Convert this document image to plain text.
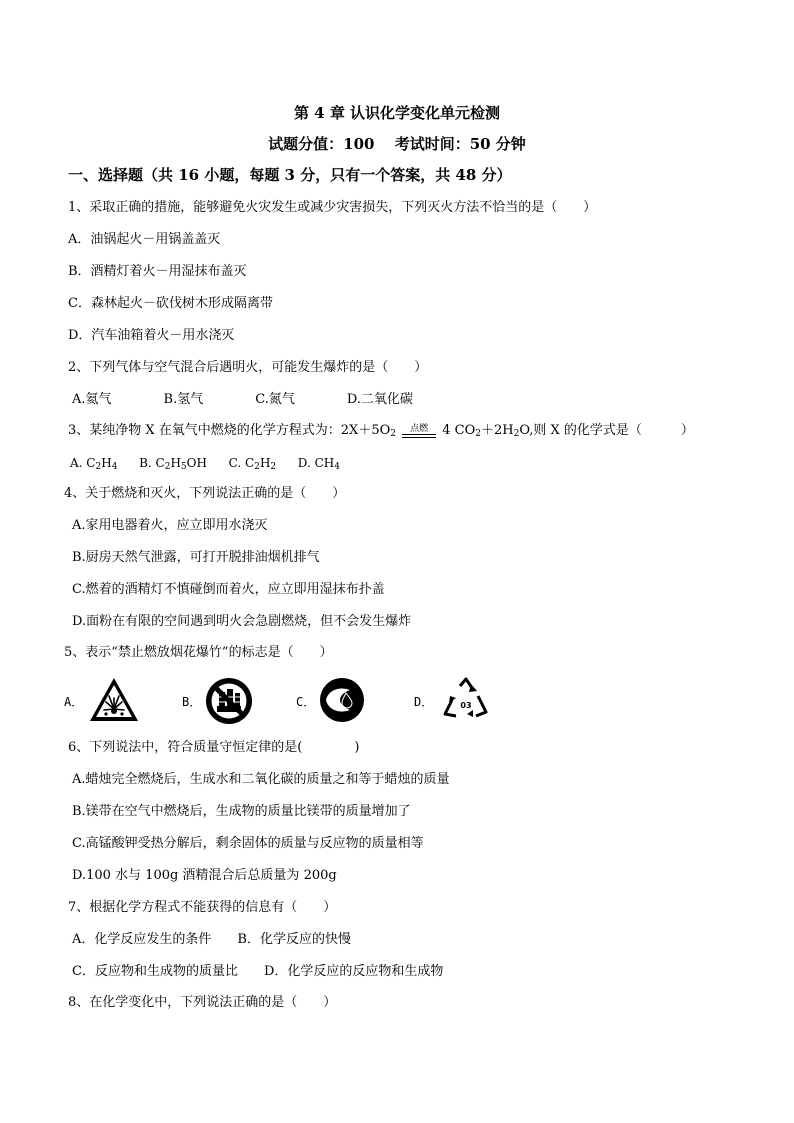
第 4 章 认识化学变化单元检测
试题分值：100　 考试时间：50 分钟
一、选择题（共 16 小题，每题 3 分，只有一个答案，共 48 分）
1、采取正确的措施，能够避免火灾发生或减少灾害损失，下列灭火方法不恰当的是（　　）
A．油锅起火－用锅盖盖灭
B．酒精灯着火－用湿抹布盖灭
C．森林起火－砍伐树木形成隔离带
D．汽车油箱着火－用水浇灭
2、下列气体与空气混合后遇明火，可能发生爆炸的是（　　）
A.氦气　　　　B.氢气　　　　C.氮气　　　　D.二氧化碳
3、某纯净物 X 在氧气中燃烧的化学方程式为：$2X+5O_2$
点燃	4 $CO_2+2H_2O$,则 X 的化学式是（　　　）
A. $C_2H_4$ B. $C_2H_5OH$ C. $C_2H_2$ D. $CH_4$
4、关于燃烧和灭火，下列说法正确的是（　　）
A.家用电器着火，应立即用水浇灭
B.厨房天然气泄露，可打开脱排油烟机排气
C.燃着的酒精灯不慎碰倒而着火，应立即用湿抹布扑盖
D.面粉在有限的空间遇到明火会急剧燃烧，但不会发生爆炸
5、表示“禁止燃放烟花爆竹”的标志是（　　）
A．	B．	C．	D．	03
6、下列说法中，符合质量守恒定律的是(　　　　)
A.蜡烛完全燃烧后，生成水和二氧化碳的质量之和等于蜡烛的质量
B.镁带在空气中燃烧后，生成物的质量比镁带的质量增加了
C.高锰酸钾受热分解后，剩余固体的质量与反应物的质量相等
D.100 水与 100g 酒精混合后总质量为 200g
7、根据化学方程式不能获得的信息有（　　）
A．化学反应发生的条件　　B．化学反应的快慢
C．反应物和生成物的质量比　　D．化学反应的反应物和生成物
8、在化学变化中，下列说法正确的是（　　）
